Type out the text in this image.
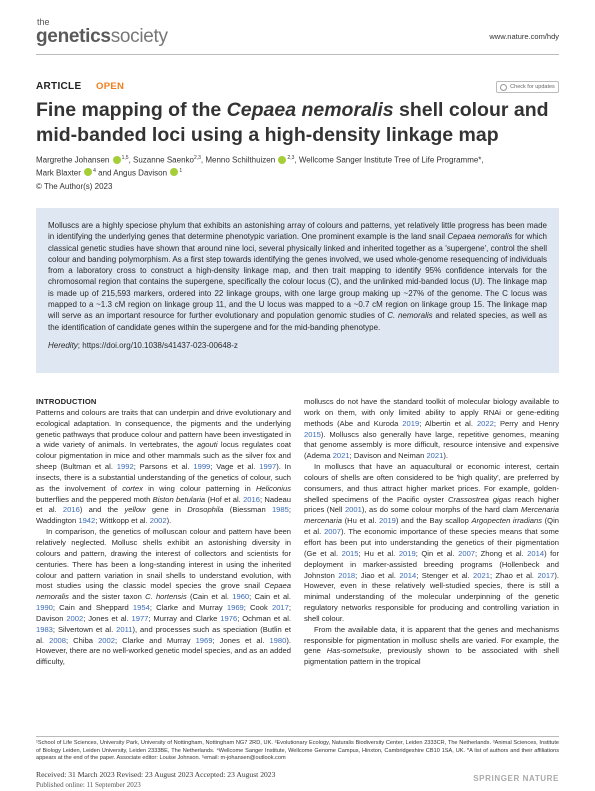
the
geneticssociety	www.nature.com/hdy
ARTICLE OPEN	Check for updates
Fine mapping of the Cepaea nemoralis shell colour and mid-banded loci using a high-density linkage map
Margrethe Johansen $^{1,5}$, Suzanne Saenko$^{2,3}$, Menno Schilthuizen $^{2,3}$, Wellcome Sanger Institute Tree of Life Programme*,
Mark Blaxter $^4$ and Angus Davison $^1$
© The Author(s) 2023

Molluscs are a highly speciose phylum that exhibits an astonishing array of colours and patterns, yet relatively little progress has been made in identifying the underlying genes that determine phenotypic variation. One prominent example is the land snail Cepaea nemoralis for which classical genetic studies have shown that around nine loci, several physically linked and inherited together as a 'supergene', control the shell colour and banding polymorphism. As a first step towards identifying the genes involved, we used whole-genome resequencing of individuals from a laboratory cross to construct a high-density linkage map, and then trait mapping to identify 95% confidence intervals for the chromosomal region that contains the supergene, specifically the colour locus (C), and the unlinked mid-banded locus (U). The linkage map is made up of 215,593 markers, ordered into 22 linkage groups, with one large group making up ~27% of the genome. The C locus was mapped to a ~1.3 cM region on linkage group 11, and the U locus was mapped to a ~0.7 cM region on linkage group 15. The linkage map will serve as an important resource for further evolutionary and population genomic studies of C. nemoralis and related species, as well as the identification of candidate genes within the supergene and for the mid-banding phenotype.

Heredity; https://doi.org/10.1038/s41437-023-00648-z

INTRODUCTION

Patterns and colours are traits that can underpin and drive evolutionary and ecological adaptation. In consequence, the pigments and the underlying genetic pathways that produce colour and pattern have been investigated in a wide variety of animals. In vertebrates, the agouti locus regulates coat colour pigmentation in mice and other mammals such as the silver fox and sheep (Bultman et al. 1992; Parsons et al. 1999; Vage et al. 1997). In insects, there is a substantial understanding of the genetics of colour, such as the involvement of cortex in wing colour patterning in Heliconius butterflies and the peppered moth Biston betularia (Hof et al. 2016; Nadeau et al. 2016) and the yellow gene in Drosophila (Biessman 1985; Waddington 1942; Wittkopp et al. 2002).

In comparison, the genetics of molluscan colour and pattern have been relatively neglected. Mollusc shells exhibit an astonishing diversity in colours and pattern, drawing the interest of collectors and scientists for centuries. There has been a long-standing interest in using the inherited colour and pattern variation in snail shells to understand evolution, with most studies using the classic model species the grove snail Cepaea nemoralis and the sister taxon C. hortensis (Cain et al. 1960; Cain et al. 1990; Cain and Sheppard 1954; Clarke and Murray 1969; Cook 2017; Davison 2002; Jones et al. 1977; Murray and Clarke 1976; Ochman et al. 1983; Silvertown et al. 2011), and processes such as speciation (Butlin et al. 2008; Chiba 2002; Clarke and Murray 1969; Jones et al. 1980). However, there are no well-worked genetic model species, and as an added difficulty,

molluscs do not have the standard toolkit of molecular biology available to work on them, with only limited ability to apply RNAi or gene-editing methods (Abe and Kuroda 2019; Albertin et al. 2022; Perry and Henry 2015). Molluscs also generally have large, repetitive genomes, meaning that genome assembly is more difficult, resource intensive and expensive (Adema 2021; Davison and Neiman 2021).

In molluscs that have an aquacultural or economic interest, certain colours of shells are often considered to be 'high quality', are preferred by consumers, and thus attract higher market prices. For example, golden-shelled specimens of the Pacific oyster Crassostrea gigas reach higher prices (Nell 2001), as do some colour morphs of the hard clam Mercenaria mercenaria (Hu et al. 2019) and the Bay scallop Argopecten irradians (Qin et al. 2007). The economic importance of these species means that some effort has been put into understanding the genetics of their pigmentation (Ge et al. 2015; Hu et al. 2019; Qin et al. 2007; Zhong et al. 2014) for deployment in marker-assisted breeding programs (Hollenbeck and Johnston 2018; Jiao et al. 2014; Stenger et al. 2021; Zhao et al. 2017). However, even in these relatively well-studied species, there is still a minimal understanding of the molecular underpinning of the genetic regulatory networks responsible for producing and controlling variation in shell colour.

From the available data, it is apparent that the genes and mechanisms responsible for pigmentation in mollusc shells are varied. For example, the gene Has-sometsuke, previously shown to be associated with shell pigmentation pattern in the tropical

¹School of Life Sciences, University Park, University of Nottingham, Nottingham NG7 2RD, UK. ²Evolutionary Ecology, Naturalis Biodiversity Center, Leiden 2333CR, The Netherlands. ³Animal Sciences, Institute of Biology Leiden, Leiden University, Leiden 2333BE, The Netherlands. ⁴Wellcome Sanger Institute, Wellcome Genome Campus, Hinxton, Cambridgeshire CB10 1SA, UK. *A list of authors and their affiliations appears at the end of the paper. Associate editor: Louise Johnson. ⁵email: m-johansen@outlook.com
Received: 31 March 2023 Revised: 23 August 2023 Accepted: 23 August 2023
Published online: 11 September 2023
SPRINGER NATURE
